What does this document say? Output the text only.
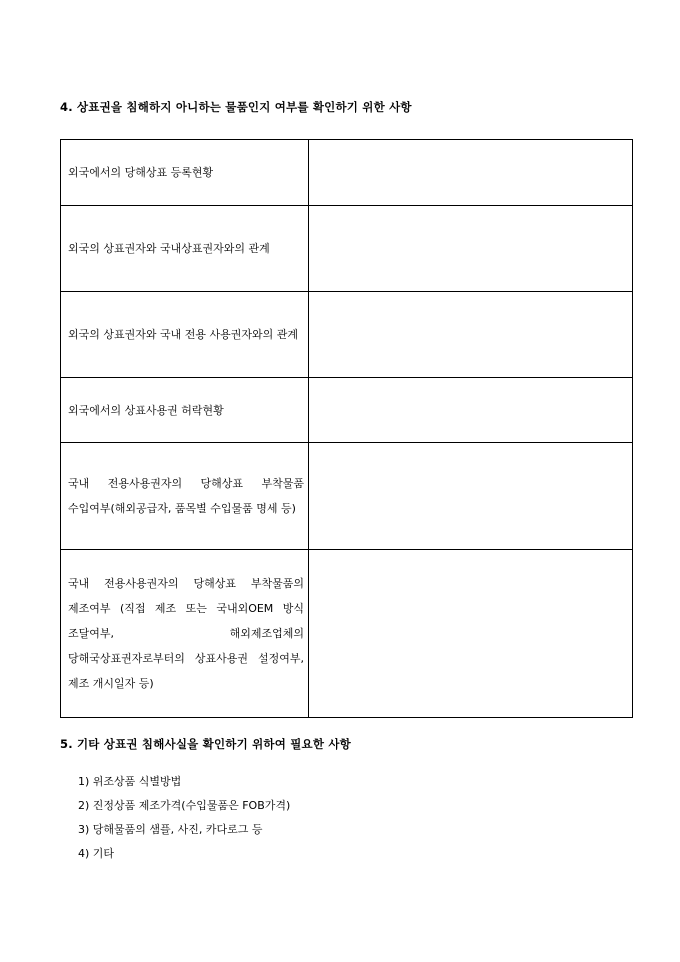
4. 상표권을 침해하지 아니하는 물품인지 여부를 확인하기 위한 사항
외국에서의 당해상표 등록현황	

외국의 상표권자와 국내상표권자와의 관계	

외국의 상표권자와 국내 전용 사용권자와의 관계	

외국에서의 상표사용권 허락현황	

국내 전용사용권자의 당해상표 부착물품 수입여부(해외공급자, 품목별 수입물품 명세 등)	

국내 전용사용권자의 당해상표 부착물품의 제조여부 (직접 제조 또는 국내외OEM 방식 조달여부, 해외제조업체의 당해국상표권자로부터의 상표사용권 설정여부, 제조 개시일자 등)	

5. 기타 상표권 침해사실을 확인하기 위하여 필요한 사항
1) 위조상품 식별방법
2) 진정상품 제조가격(수입물품은 FOB가격)
3) 당해물품의 샘플, 사진, 카다로그 등
4) 기타
